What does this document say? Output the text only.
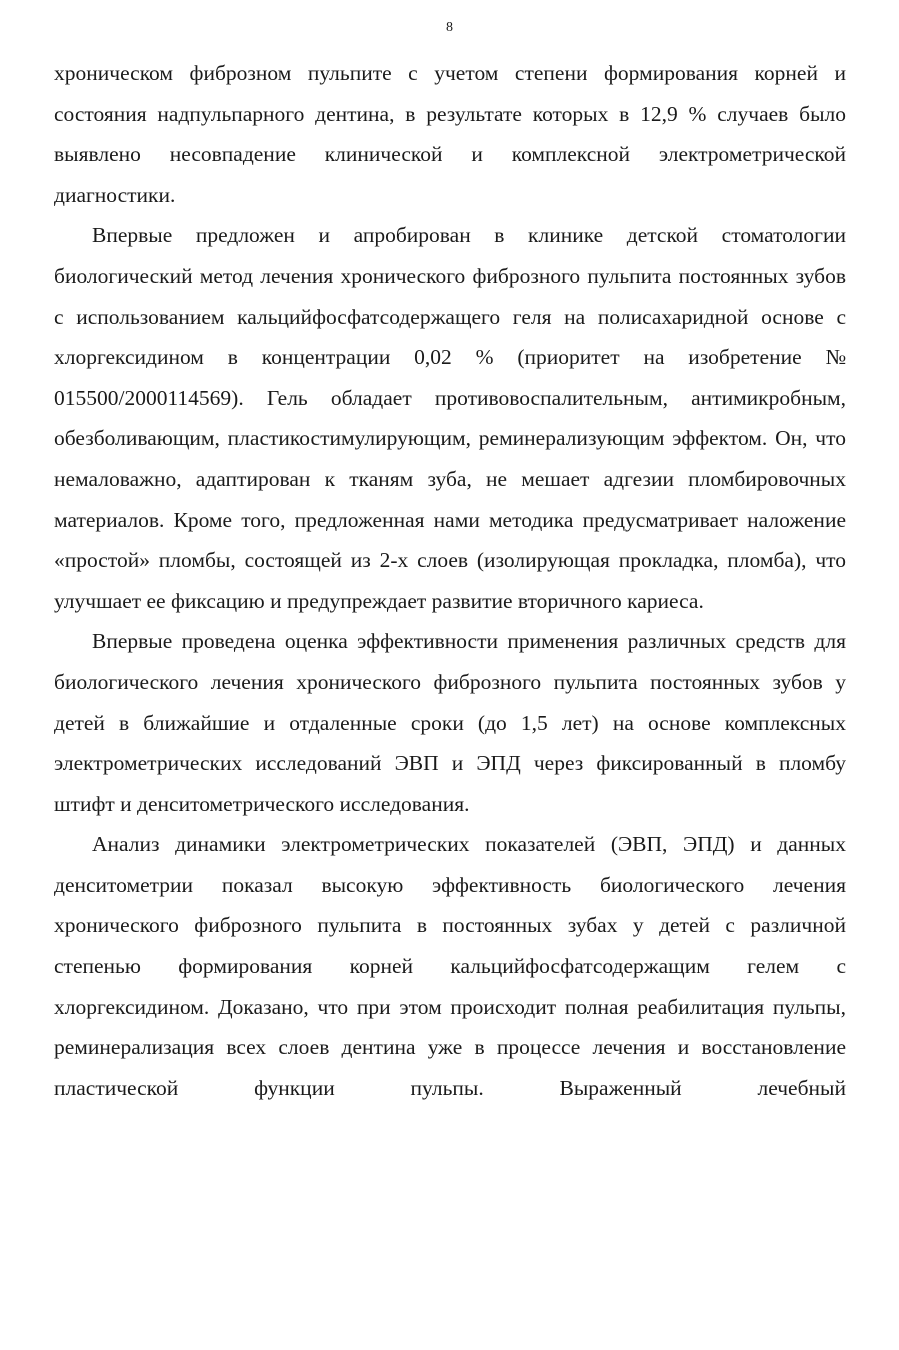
8

хроническом фиброзном пульпите с учетом степени формирования корней и состояния надпульпарного дентина, в результате которых в 12,9 % случаев было выявлено несовпадение клинической и комплексной электрометрической диагностики.

Впервые предложен и апробирован в клинике детской стоматологии биологический метод лечения хронического фиброзного пульпита постоянных зубов с использованием кальцийфосфатсодержащего геля на полисахаридной основе с хлоргексидином в концентрации 0,02 % (приоритет на изобретение № 015500/2000114569). Гель обладает противовоспалительным, антимикробным, обезболивающим, пластикостимулирующим, реминерализующим эффектом. Он, что немаловажно, адаптирован к тканям зуба, не мешает адгезии пломбировочных материалов. Кроме того, предложенная нами методика предусматривает наложение «простой» пломбы, состоящей из 2-х слоев (изолирующая прокладка, пломба), что улучшает ее фиксацию и предупреждает развитие вторичного кариеса.

Впервые проведена оценка эффективности применения различных средств для биологического лечения хронического фиброзного пульпита постоянных зубов у детей в ближайшие и отдаленные сроки (до 1,5 лет) на основе комплексных электрометрических исследований ЭВП и ЭПД через фиксированный в пломбу штифт и денситометрического исследования.

Анализ динамики электрометрических показателей (ЭВП, ЭПД) и данных денситометрии показал высокую эффективность биологического лечения хронического фиброзного пульпита в постоянных зубах у детей с различной степенью формирования корней кальцийфосфатсодержащим гелем с хлоргексидином. Доказано, что при этом происходит полная реабилитация пульпы, реминерализация всех слоев дентина уже в процессе лечения и восстановление пластической функции пульпы. Выраженный лечебный
